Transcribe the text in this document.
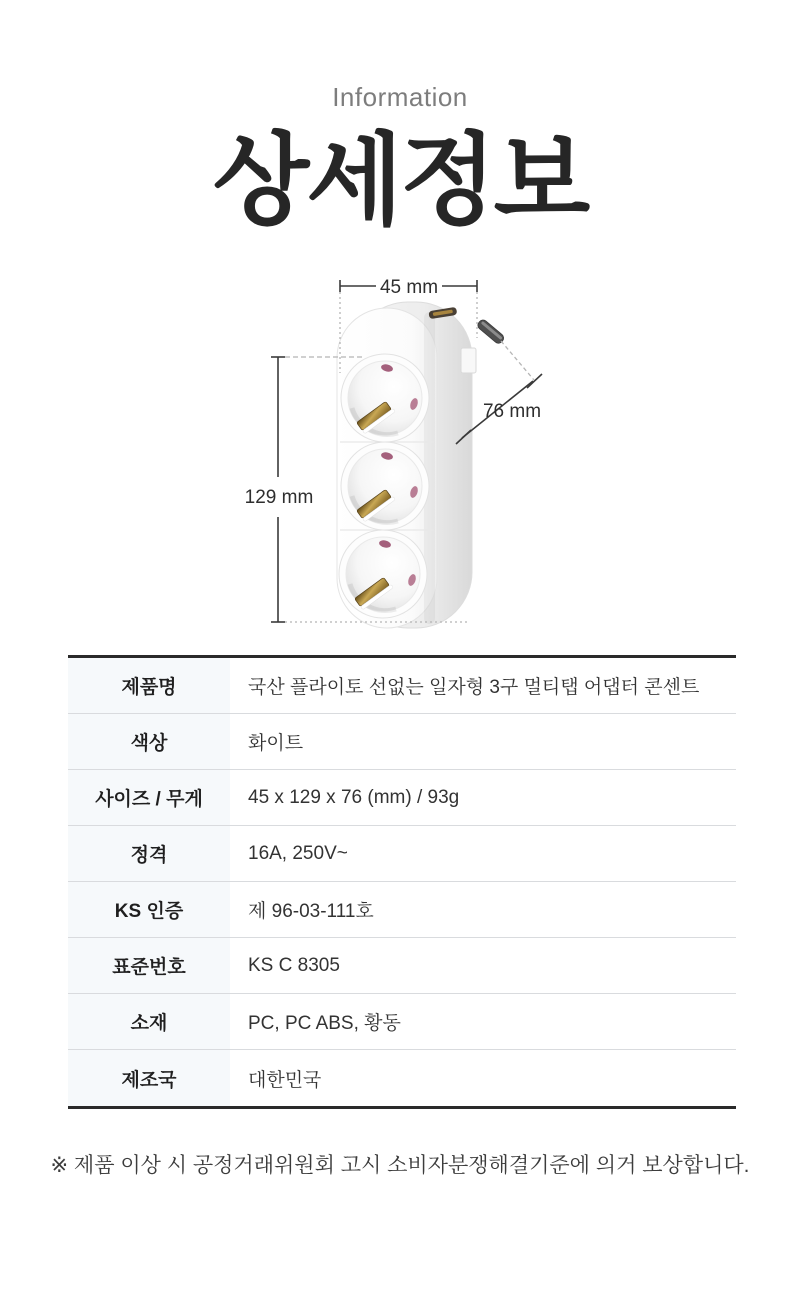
Information
상세정보
45 mm
129 mm
76 mm
제품명	국산 플라이토 선없는 일자형 3구 멀티탭 어댑터 콘센트
색상	화이트
사이즈 / 무게	45 x 129 x 76 (mm) / 93g
정격	16A, 250V~
KS 인증	제 96-03-111호
표준번호	KS C 8305
소재	PC, PC ABS, 황동
제조국	대한민국
※ 제품 이상 시 공정거래위원회 고시 소비자분쟁해결기준에 의거 보상합니다.
